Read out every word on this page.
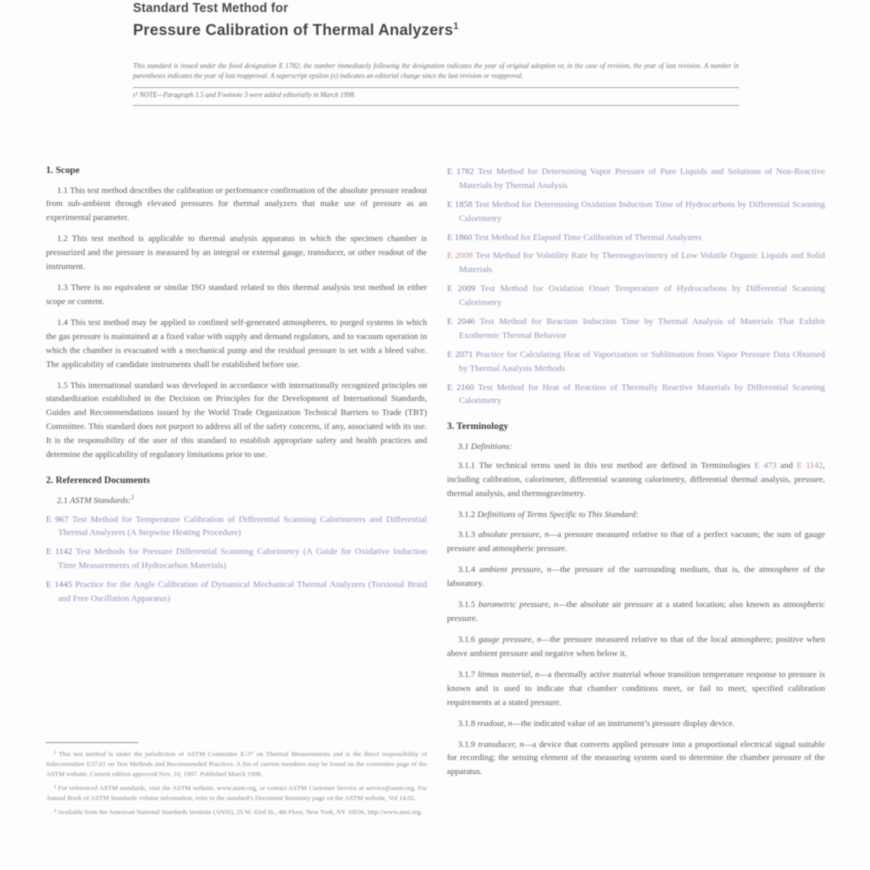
Standard Test Method for

Pressure Calibration of Thermal Analyzers$^1$

This standard is issued under the fixed designation E 1782; the number immediately following the designation indicates the year of original adoption or, in the case of revision, the year of last revision. A number in parentheses indicates the year of last reapproval. A superscript epsilon (e) indicates an editorial change since the last revision or reapproval.

ε¹ NOTE—Paragraph 1.5 and Footnote 3 were added editorially in March 1998.

1. Scope

1.1 This test method describes the calibration or performance confirmation of the absolute pressure readout from sub-ambient through elevated pressures for thermal analyzers that make use of pressure as an experimental parameter.

1.2 This test method is applicable to thermal analysis apparatus in which the specimen chamber is pressurized and the pressure is measured by an integral or external gauge, transducer, or other readout of the instrument.

1.3 There is no equivalent or similar ISO standard related to this thermal analysis test method in either scope or content.

1.4 This test method may be applied to confined self-generated atmospheres, to purged systems in which the gas pressure is maintained at a fixed value with supply and demand regulators, and to vacuum operation in which the chamber is evacuated with a mechanical pump and the residual pressure is set with a bleed valve. The applicability of candidate instruments shall be established before use.

1.5 This international standard was developed in accordance with internationally recognized principles on standardization established in the Decision on Principles for the Development of International Standards, Guides and Recommendations issued by the World Trade Organization Technical Barriers to Trade (TBT) Committee. This standard does not purport to address all of the safety concerns, if any, associated with its use. It is the responsibility of the user of this standard to establish appropriate safety and health practices and determine the applicability of regulatory limitations prior to use.

2. Referenced Documents

2.1 ASTM Standards:$^2$

E 967 Test Method for Temperature Calibration of Differential Scanning Calorimeters and Differential Thermal Analyzers (A Stepwise Heating Procedure)

E 1142 Test Methods for Pressure Differential Scanning Calorimetry (A Guide for Oxidative Induction Time Measurements of Hydrocarbon Materials)

E 1445 Practice for the Angle Calibration of Dynamical Mechanical Thermal Analyzers (Torsional Braid and Free Oscillation Apparatus)

E 1782 Test Method for Determining Vapor Pressure of Pure Liquids and Solutions of Non-Reactive Materials by Thermal Analysis

E 1858 Test Method for Determining Oxidation Induction Time of Hydrocarbons by Differential Scanning Calorimetry

E 1860 Test Method for Elapsed Time Calibration of Thermal Analyzers

E 2008 Test Method for Volatility Rate by Thermogravimetry of Low Volatile Organic Liquids and Solid Materials

E 2009 Test Method for Oxidation Onset Temperature of Hydrocarbons by Differential Scanning Calorimetry

E 2046 Test Method for Reaction Induction Time by Thermal Analysis of Materials That Exhibit Exothermic Thermal Behavior

E 2071 Practice for Calculating Heat of Vaporization or Sublimation from Vapor Pressure Data Obtained by Thermal Analysis Methods

E 2160 Test Method for Heat of Reaction of Thermally Reactive Materials by Differential Scanning Calorimetry

3. Terminology

3.1 Definitions:

3.1.1 The technical terms used in this test method are defined in Terminologies E 473 and E 1142, including calibration, calorimeter, differential scanning calorimetry, differential thermal analysis, pressure, thermal analysis, and thermogravimetry.

3.1.2 Definitions of Terms Specific to This Standard:

3.1.3 absolute pressure, n—a pressure measured relative to that of a perfect vacuum; the sum of gauge pressure and atmospheric pressure.

3.1.4 ambient pressure, n—the pressure of the surrounding medium, that is, the atmosphere of the laboratory.

3.1.5 barometric pressure, n—the absolute air pressure at a stated location; also known as atmospheric pressure.

3.1.6 gauge pressure, n—the pressure measured relative to that of the local atmosphere; positive when above ambient pressure and negative when below it.

3.1.7 litmus material, n—a thermally active material whose transition temperature response to pressure is known and is used to indicate that chamber conditions meet, or fail to meet, specified calibration requirements at a stated pressure.

3.1.8 readout, n—the indicated value of an instrument’s pressure display device.

3.1.9 transducer, n—a device that converts applied pressure into a proportional electrical signal suitable for recording; the sensing element of the measuring system used to determine the chamber pressure of the apparatus.

¹ This test method is under the jurisdiction of ASTM Committee E-37 on Thermal Measurements and is the direct responsibility of Subcommittee E37.01 on Test Methods and Recommended Practices. A list of current members may be found on the committee page of the ASTM website. Current edition approved Nov. 10, 1997. Published March 1998.

² For referenced ASTM standards, visit the ASTM website, www.astm.org, or contact ASTM Customer Service at service@astm.org. For Annual Book of ASTM Standards volume information, refer to the standard’s Document Summary page on the ASTM website, Vol 14.02.

³ Available from the American National Standards Institute (ANSI), 25 W. 43rd St., 4th Floor, New York, NY 10036, http://www.ansi.org.
